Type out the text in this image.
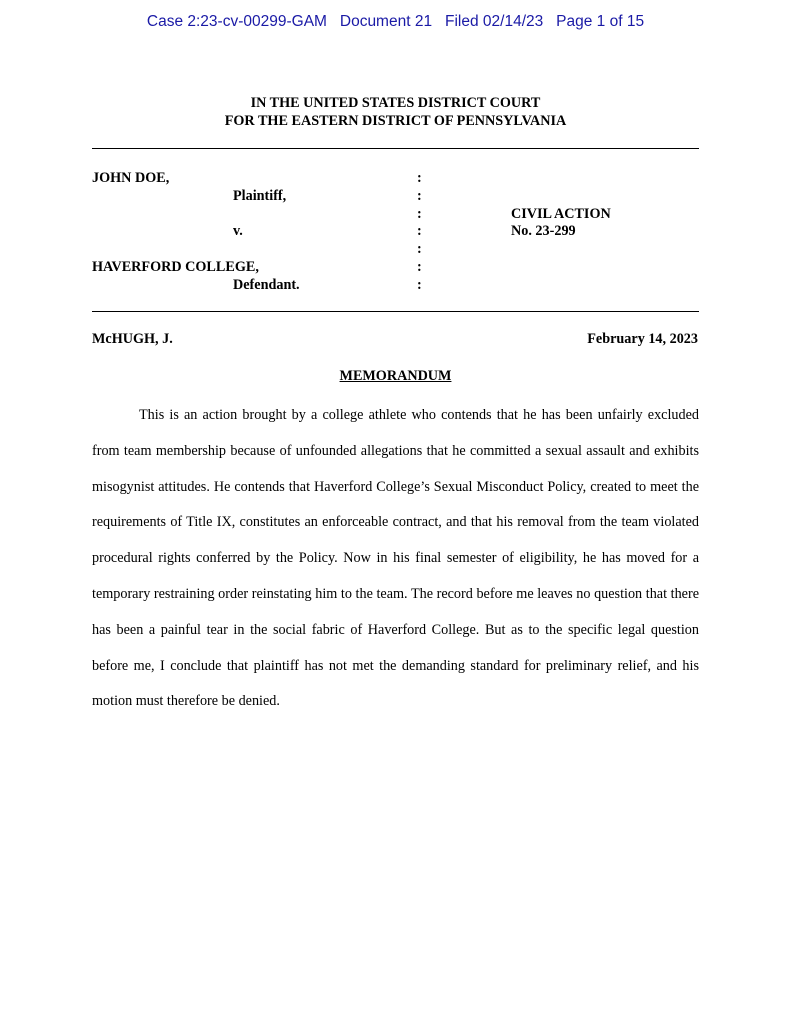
Case 2:23-cv-00299-GAM Document 21 Filed 02/14/23 Page 1 of 15
IN THE UNITED STATES DISTRICT COURT
FOR THE EASTERN DISTRICT OF PENNSYLVANIA
JOHN DOE,
Plaintiff,
v.
HAVERFORD COLLEGE,
Defendant.
:
:
:
:
:
:
:
CIVIL ACTION
No. 23-299
McHUGH, J.	February 14, 2023
MEMORANDUM
This is an action brought by a college athlete who contends that he has been unfairly excluded from team membership because of unfounded allegations that he committed a sexual assault and exhibits misogynist attitudes. He contends that Haverford College’s Sexual Misconduct Policy, created to meet the requirements of Title IX, constitutes an enforceable contract, and that his removal from the team violated procedural rights conferred by the Policy. Now in his final semester of eligibility, he has moved for a temporary restraining order reinstating him to the team. The record before me leaves no question that there has been a painful tear in the social fabric of Haverford College. But as to the specific legal question before me, I conclude that plaintiff has not met the demanding standard for preliminary relief, and his motion must therefore be denied.
